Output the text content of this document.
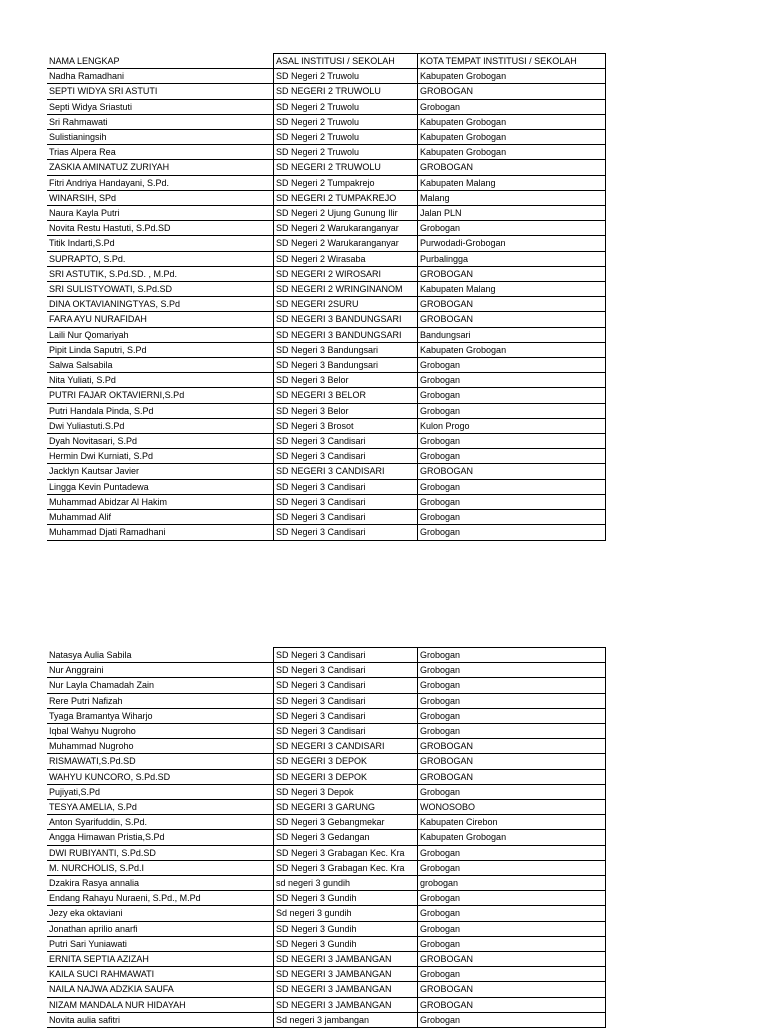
NAMA LENGKAP	ASAL INSTITUSI / SEKOLAH	KOTA TEMPAT INSTITUSI / SEKOLAH
Nadha Ramadhani	SD Negeri 2 Truwolu	Kabupaten Grobogan
SEPTI WIDYA SRI ASTUTI	SD NEGERI 2 TRUWOLU	GROBOGAN
Septi Widya Sriastuti	SD Negeri 2 Truwolu	Grobogan
Sri Rahmawati	SD Negeri 2 Truwolu	Kabupaten Grobogan
Sulistianingsih	SD Negeri 2 Truwolu	Kabupaten Grobogan
Trias Alpera Rea	SD Negeri 2 Truwolu	Kabupaten Grobogan
ZASKIA AMINATUZ ZURIYAH	SD NEGERI 2 TRUWOLU	GROBOGAN
Fitri Andriya Handayani, S.Pd.	SD Negeri 2 Tumpakrejo	Kabupaten Malang
WINARSIH, SPd	SD NEGERI 2 TUMPAKREJO	Malang
Naura Kayla Putri	SD Negeri 2 Ujung Gunung Ilir	Jalan PLN
Novita Restu Hastuti, S.Pd.SD	SD Negeri 2 Warukaranganyar	Grobogan
Titik Indarti,S.Pd	SD Negeri 2 Warukaranganyar	Purwodadi-Grobogan
SUPRAPTO, S.Pd.	SD Negeri 2 Wirasaba	Purbalingga
SRI ASTUTIK, S.Pd.SD. , M.Pd.	SD NEGERI 2 WIROSARI	GROBOGAN
SRI SULISTYOWATI, S.Pd.SD	SD NEGERI 2 WRINGINANOM	Kabupaten Malang
DINA OKTAVIANINGTYAS, S.Pd	SD NEGERI 2SURU	GROBOGAN
FARA AYU NURAFIDAH	SD NEGERI 3 BANDUNGSARI	GROBOGAN
Laili Nur Qomariyah	SD NEGERI 3 BANDUNGSARI	Bandungsari
Pipit Linda Saputri, S.Pd	SD Negeri 3 Bandungsari	Kabupaten Grobogan
Salwa Salsabila	SD Negeri 3 Bandungsari	Grobogan
Nita Yuliati, S.Pd	SD Negeri 3 Belor	Grobogan
PUTRI FAJAR OKTAVIERNI,S.Pd	SD NEGERI 3 BELOR	Grobogan
Putri Handala Pinda, S.Pd	SD Negeri 3 Belor	Grobogan
Dwi Yuliastuti.S.Pd	SD Negeri 3 Brosot	Kulon Progo
Dyah Novitasari, S.Pd	SD Negeri 3 Candisari	Grobogan
Hermin Dwi Kurniati, S.Pd	SD Negeri 3 Candisari	Grobogan
Jacklyn Kautsar Javier	SD NEGERI 3 CANDISARI	GROBOGAN
Lingga Kevin Puntadewa	SD Negeri 3 Candisari	Grobogan
Muhammad Abidzar Al Hakim	SD Negeri 3 Candisari	Grobogan
Muhammad Alif	SD Negeri 3 Candisari	Grobogan
Muhammad Djati Ramadhani	SD Negeri 3 Candisari	Grobogan
Natasya Aulia Sabila	SD Negeri 3 Candisari	Grobogan
Nur Anggraini	SD Negeri 3 Candisari	Grobogan
Nur Layla Chamadah Zain	SD Negeri 3 Candisari	Grobogan
Rere Putri Nafizah	SD Negeri 3 Candisari	Grobogan
Tyaga Bramantya Wiharjo	SD Negeri 3 Candisari	Grobogan
Iqbal Wahyu Nugroho	SD Negeri 3 Candisari	Grobogan
Muhammad Nugroho	SD NEGERI 3 CANDISARI	GROBOGAN
RISMAWATI,S.Pd.SD	SD NEGERI 3 DEPOK	GROBOGAN
WAHYU KUNCORO, S.Pd.SD	SD NEGERI 3 DEPOK	GROBOGAN
Pujiyati,S.Pd	SD Negeri 3 Depok	Grobogan
TESYA AMELIA, S.Pd	SD NEGERI 3 GARUNG	WONOSOBO
Anton Syarifuddin, S.Pd.	SD Negeri 3 Gebangmekar	Kabupaten Cirebon
Angga Himawan Pristia,S.Pd	SD Negeri 3 Gedangan	Kabupaten Grobogan
DWI RUBIYANTI, S.Pd.SD	SD Negeri 3 Grabagan Kec. Kra	Grobogan
M. NURCHOLIS, S.Pd.I	SD Negeri 3 Grabagan Kec. Kra	Grobogan
Dzakira Rasya annalia	sd negeri 3 gundih	grobogan
Endang Rahayu Nuraeni, S.Pd., M.Pd	SD Negeri 3 Gundih	Grobogan
Jezy eka oktaviani	Sd negeri 3 gundih	Grobogan
Jonathan aprilio anarfi	SD Negeri 3 Gundih	Grobogan
Putri Sari Yuniawati	SD Negeri 3 Gundih	Grobogan
ERNITA SEPTIA AZIZAH	SD NEGERI 3 JAMBANGAN	GROBOGAN
KAILA SUCI RAHMAWATI	SD NEGERI 3 JAMBANGAN	Grobogan
NAILA NAJWA ADZKIA SAUFA	SD NEGERI 3 JAMBANGAN	GROBOGAN
NIZAM MANDALA NUR HIDAYAH	SD NEGERI 3 JAMBANGAN	GROBOGAN
Novita aulia safitri	Sd negeri 3 jambangan	Grobogan
